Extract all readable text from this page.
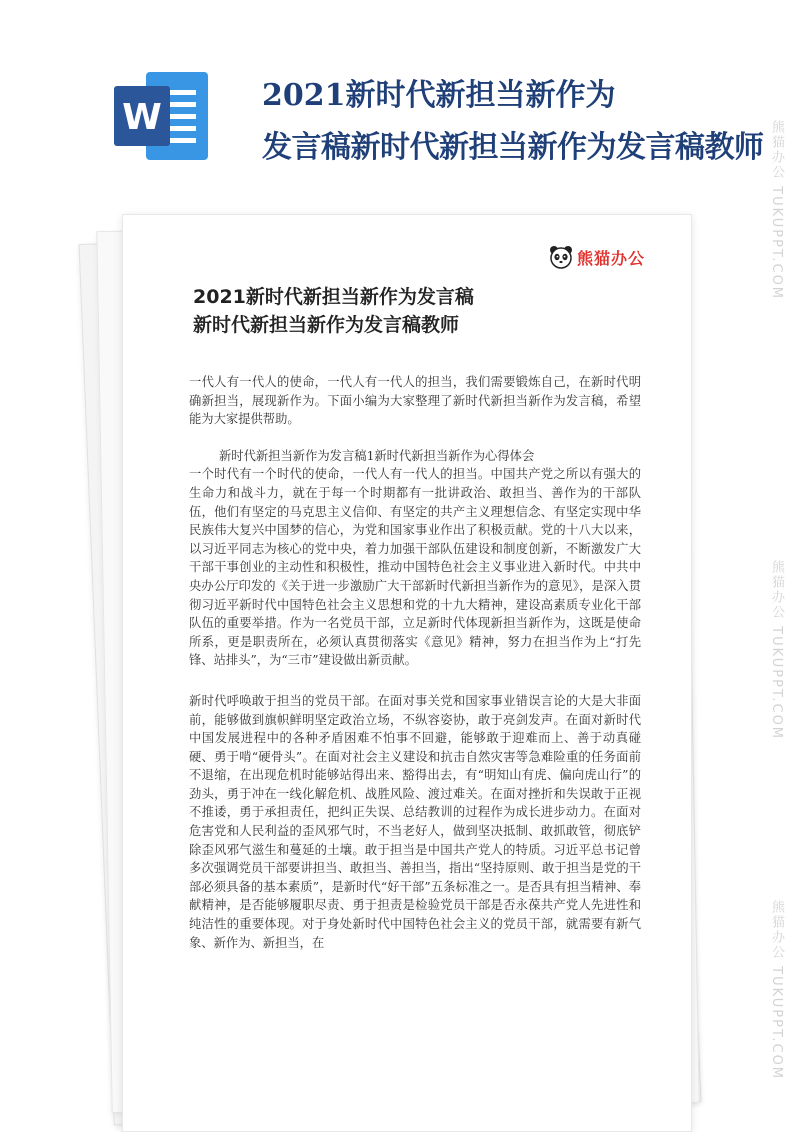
W
2021新时代新担当新作为
发言稿新时代新担当新作为发言稿教师 熊猫办公 TUKUPPT.COM
熊猫办公 TUKUPPT.COM
熊猫办公 TUKUPPT.COM
熊猫办公
2021新时代新担当新作为发言稿
新时代新担当新作为发言稿教师

一代人有一代人的使命，一代人有一代人的担当，我们需要锻炼自己，在新时代明确新担当，展现新作为。下面小编为大家整理了新时代新担当新作为发言稿，希望能为大家提供帮助。

新时代新担当新作为发言稿1新时代新担当新作为心得体会

一个时代有一个时代的使命，一代人有一代人的担当。中国共产党之所以有强大的生命力和战斗力，就在于每一个时期都有一批讲政治、敢担当、善作为的干部队伍，他们有坚定的马克思主义信仰、有坚定的共产主义理想信念、有坚定实现中华民族伟大复兴中国梦的信心，为党和国家事业作出了积极贡献。党的十八大以来，以习近平同志为核心的党中央，着力加强干部队伍建设和制度创新，不断激发广大干部干事创业的主动性和积极性，推动中国特色社会主义事业进入新时代。中共中央办公厅印发的《关于进一步激励广大干部新时代新担当新作为的意见》，是深入贯彻习近平新时代中国特色社会主义思想和党的十九大精神，建设高素质专业化干部队伍的重要举措。作为一名党员干部，立足新时代体现新担当新作为，这既是使命所系，更是职责所在，必须认真贯彻落实《意见》精神，努力在担当作为上“打先锋、站排头”，为“三市”建设做出新贡献。

新时代呼唤敢于担当的党员干部。在面对事关党和国家事业错误言论的大是大非面前，能够做到旗帜鲜明坚定政治立场，不纵容姿协，敢于亮剑发声。在面对新时代中国发展进程中的各种矛盾困难不怕事不回避，能够敢于迎难而上、善于动真碰硬、勇于啃“硬骨头”。在面对社会主义建设和抗击自然灾害等急难险重的任务面前不退缩，在出现危机时能够站得出来、豁得出去，有“明知山有虎、偏向虎山行”的劲头，勇于冲在一线化解危机、战胜风险、渡过难关。在面对挫折和失误敢于正视不推诿，勇于承担责任，把纠正失误、总结教训的过程作为成长进步动力。在面对危害党和人民利益的歪风邪气时，不当老好人，做到坚决抵制、敢抓敢管，彻底铲除歪风邪气滋生和蔓延的土壤。敢于担当是中国共产党人的特质。习近平总书记曾多次强调党员干部要讲担当、敢担当、善担当，指出“坚持原则、敢于担当是党的干部必须具备的基本素质”，是新时代“好干部”五条标准之一。是否具有担当精神、奉献精神，是否能够履职尽责、勇于担责是检验党员干部是否永葆共产党人先进性和纯洁性的重要体现。对于身处新时代中国特色社会主义的党员干部，就需要有新气象、新作为、新担当，在
